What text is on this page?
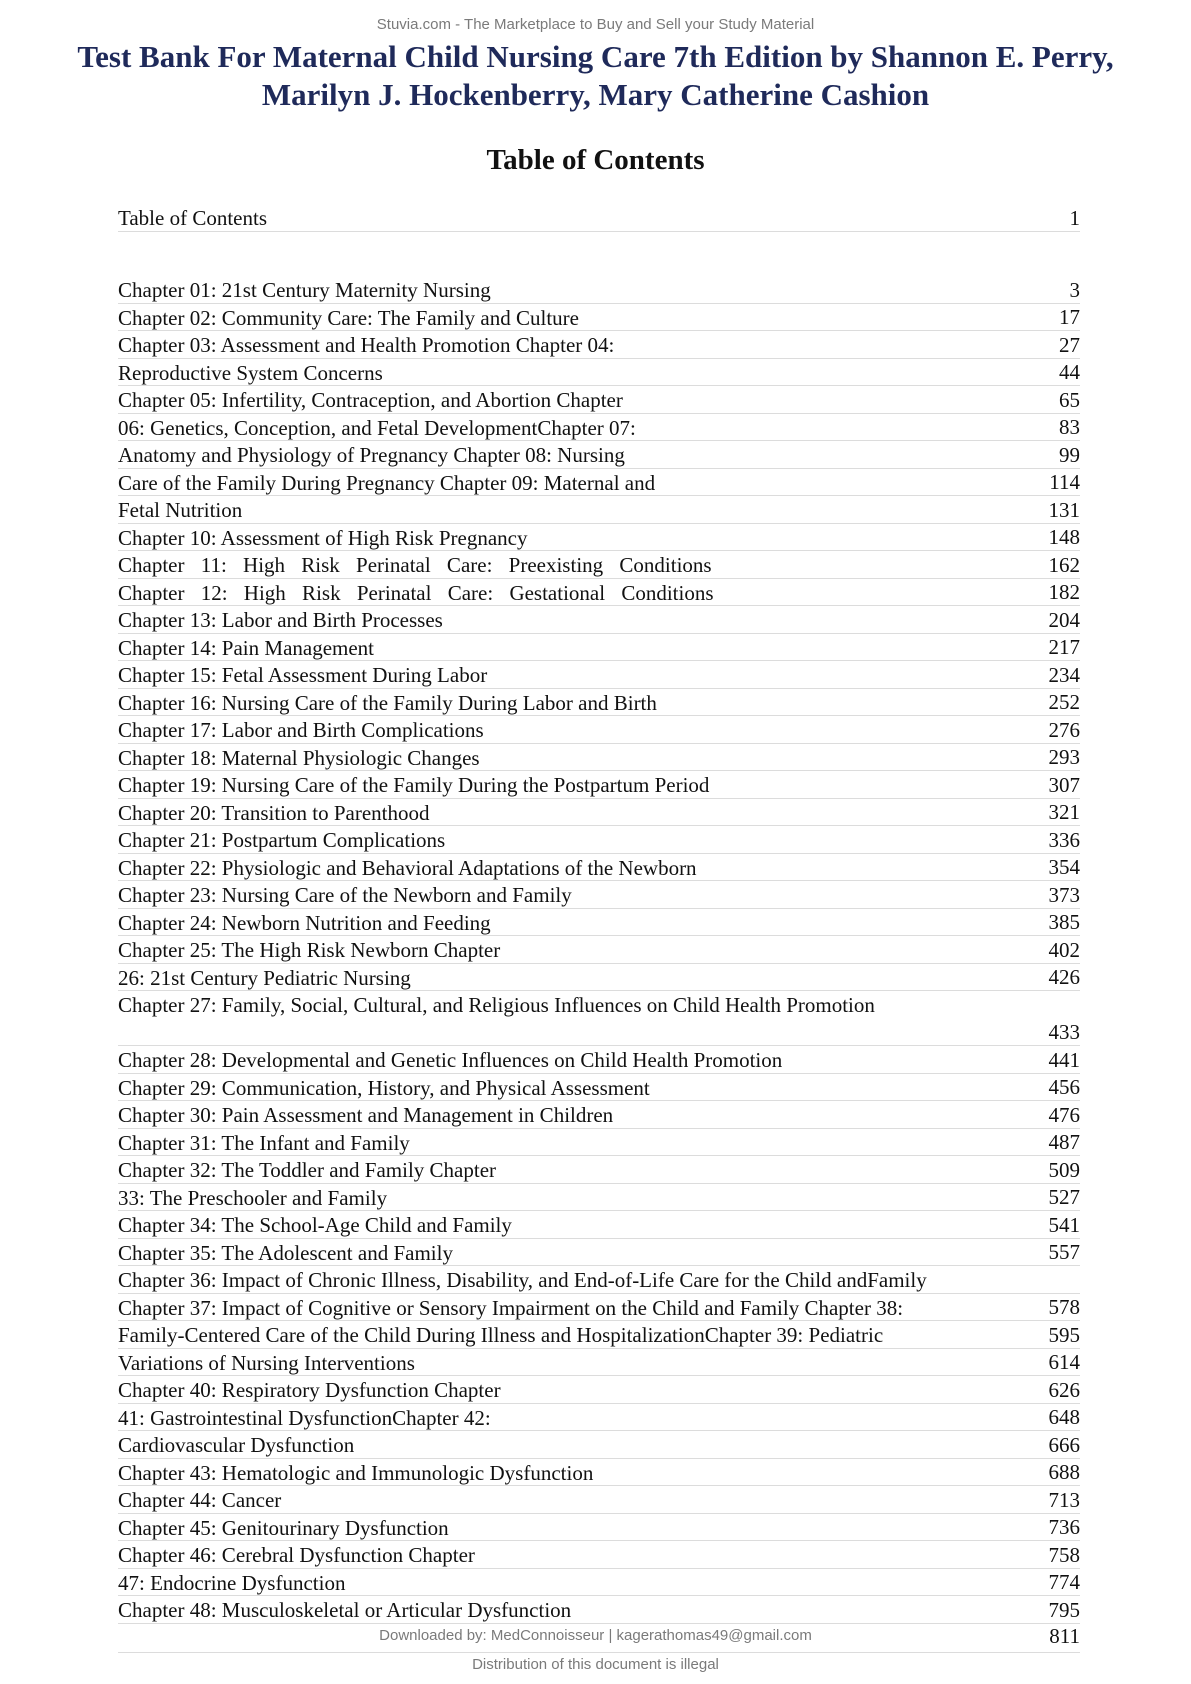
Stuvia.com - The Marketplace to Buy and Sell your Study Material
Test Bank For Maternal Child Nursing Care 7th Edition by Shannon E. Perry, Marilyn J. Hockenberry, Mary Catherine Cashion
Table of Contents
Table of Contents	1
Chapter 01: 21st Century Maternity Nursing	3
Chapter 02: Community Care: The Family and Culture	17
Chapter 03: Assessment and Health Promotion Chapter 04:	27
Reproductive System Concerns	44
Chapter 05: Infertility, Contraception, and Abortion Chapter	65
06: Genetics, Conception, and Fetal DevelopmentChapter 07:	83
Anatomy and Physiology of Pregnancy Chapter 08: Nursing	99
Care of the Family During Pregnancy Chapter 09: Maternal and	114
Fetal Nutrition	131
Chapter 10: Assessment of High Risk Pregnancy	148
Chapter 11: High Risk Perinatal Care: Preexisting Conditions	162
Chapter 12: High Risk Perinatal Care: Gestational Conditions	182
Chapter 13: Labor and Birth Processes	204
Chapter 14: Pain Management	217
Chapter 15: Fetal Assessment During Labor	234
Chapter 16: Nursing Care of the Family During Labor and Birth	252
Chapter 17: Labor and Birth Complications	276
Chapter 18: Maternal Physiologic Changes	293
Chapter 19: Nursing Care of the Family During the Postpartum Period	307
Chapter 20: Transition to Parenthood	321
Chapter 21: Postpartum Complications	336
Chapter 22: Physiologic and Behavioral Adaptations of the Newborn	354
Chapter 23: Nursing Care of the Newborn and Family	373
Chapter 24: Newborn Nutrition and Feeding	385
Chapter 25: The High Risk Newborn Chapter	402
26: 21st Century Pediatric Nursing	426
Chapter 27: Family, Social, Cultural, and Religious Influences on Child Health Promotion
433
Chapter 28: Developmental and Genetic Influences on Child Health Promotion	441
Chapter 29: Communication, History, and Physical Assessment	456
Chapter 30: Pain Assessment and Management in Children	476
Chapter 31: The Infant and Family	487
Chapter 32: The Toddler and Family Chapter	509
33: The Preschooler and Family	527
Chapter 34: The School-Age Child and Family	541
Chapter 35: The Adolescent and Family	557
Chapter 36: Impact of Chronic Illness, Disability, and End-of-Life Care for the Child andFamily
Chapter 37: Impact of Cognitive or Sensory Impairment on the Child and Family Chapter 38:	578
Family-Centered Care of the Child During Illness and HospitalizationChapter 39: Pediatric	595
Variations of Nursing Interventions	614
Chapter 40: Respiratory Dysfunction Chapter	626
41: Gastrointestinal DysfunctionChapter 42:	648
Cardiovascular Dysfunction	666
Chapter 43: Hematologic and Immunologic Dysfunction	688
Chapter 44: Cancer	713
Chapter 45: Genitourinary Dysfunction	736
Chapter 46: Cerebral Dysfunction Chapter	758
47: Endocrine Dysfunction	774
Chapter 48: Musculoskeletal or Articular Dysfunction	795
Downloaded by: MedConnoisseur | kagerathomas49@gmail.com	811
Distribution of this document is illegal
